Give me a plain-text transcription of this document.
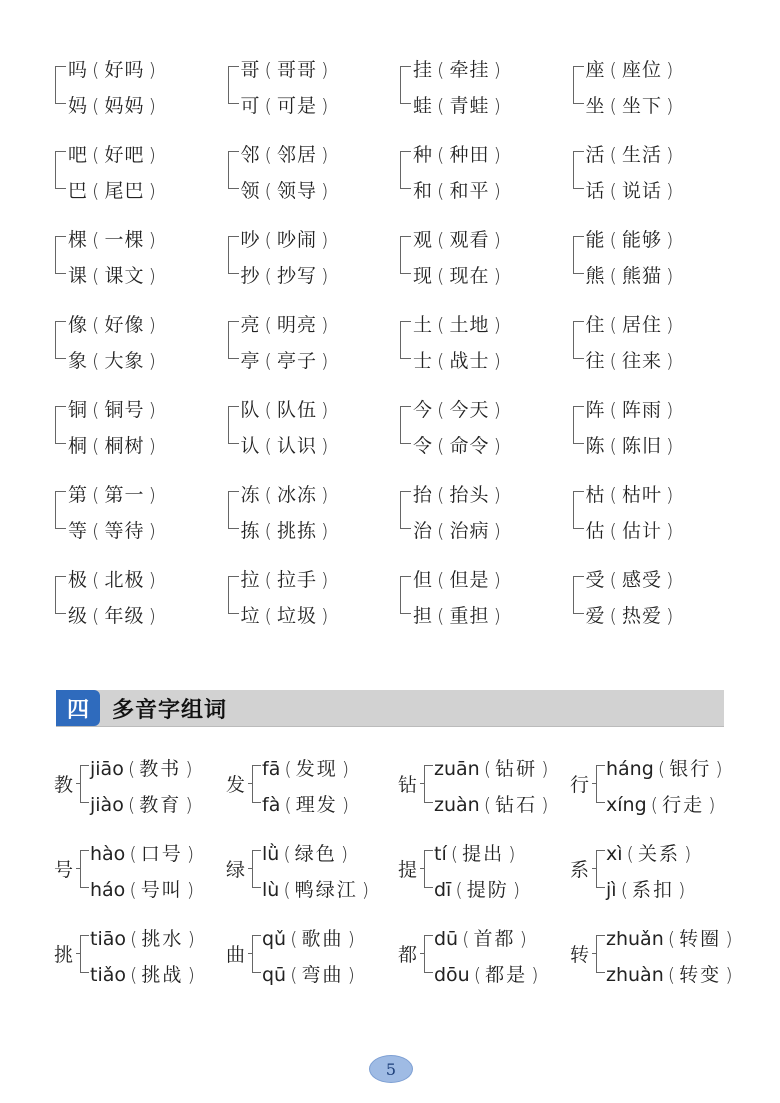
吗 ( 好吗 )
妈 ( 妈妈 )
哥 ( 哥哥 )
可 ( 可是 )
挂 ( 牵挂 )
蛙 ( 青蛙 )
座 ( 座位 )
坐 ( 坐下 )
吧 ( 好吧 )
巴 ( 尾巴 )
邻 ( 邻居 )
领 ( 领导 )
种 ( 种田 )
和 ( 和平 )
活 ( 生活 )
话 ( 说话 )
棵 ( 一棵 )
课 ( 课文 )
吵 ( 吵闹 )
抄 ( 抄写 )
观 ( 观看 )
现 ( 现在 )
能 ( 能够 )
熊 ( 熊猫 )
像 ( 好像 )
象 ( 大象 )
亮 ( 明亮 )
亭 ( 亭子 )
土 ( 土地 )
士 ( 战士 )
住 ( 居住 )
往 ( 往来 )
铜 ( 铜号 )
桐 ( 桐树 )
队 ( 队伍 )
认 ( 认识 )
今 ( 今天 )
令 ( 命令 )
阵 ( 阵雨 )
陈 ( 陈旧 )
第 ( 第一 )
等 ( 等待 )
冻 ( 冰冻 )
拣 ( 挑拣 )
抬 ( 抬头 )
治 ( 治病 )
枯 ( 枯叶 )
估 ( 估计 )
极 ( 北极 )
级 ( 年级 )
拉 ( 拉手 )
垃 ( 垃圾 )
但 ( 但是 )
担 ( 重担 )
受 ( 感受 )
爱 ( 热爱 )
四	多音字组词
教
jiāo ( 教书 )
jiào ( 教育 )
发
fā ( 发现 )
fà ( 理发 )
钻
zuān ( 钻研 )
zuàn ( 钻石 )
行
háng ( 银行 )
xíng ( 行走 )
号
hào ( 口号 )
háo ( 号叫 )
绿
lǜ ( 绿色 )
lù ( 鸭绿江 )
提
tí ( 提出 )
dī ( 提防 )
系
xì ( 关系 )
jì ( 系扣 )
挑
tiāo ( 挑水 )
tiǎo ( 挑战 )
曲
qǔ ( 歌曲 )
qū ( 弯曲 )
都
dū ( 首都 )
dōu ( 都是 )
转
zhuǎn ( 转圈 )
zhuàn ( 转变 )
5
